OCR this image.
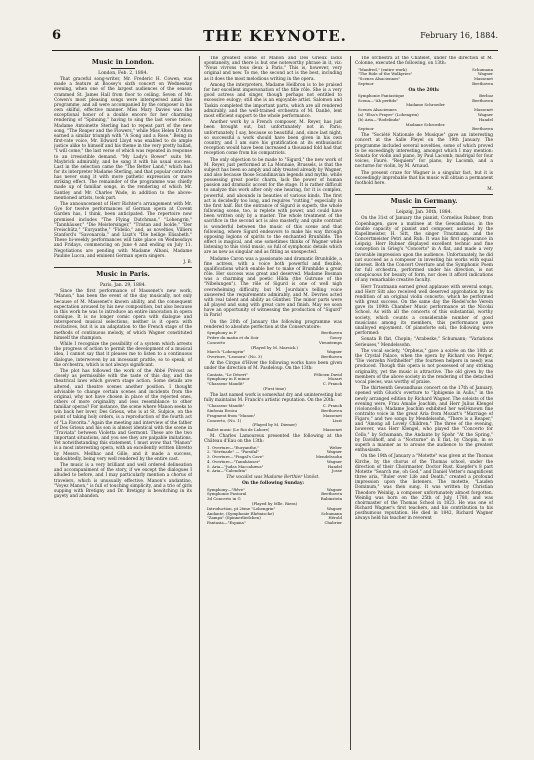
6	THE KEYNOTE.	February 16, 1884.
Music in London.
London, Feb. 2, 1884.

That graceful song-writer, Mr. Frederic H. Cowen, was made a feature at Boosey's sixth concert on Wednesday evening, when one of the largest audiences of the season crammed St. James Hall from floor to ceiling. Seven of Mr. Cowen's most pleasing songs were interspersed amid the programme, and all were accompanied by the composer in his own skilful, effective manner. Miss Mary Davies was the exceptional honor of a double encore for her charming rendering of "Spinning," having to sing the last verse twice. Madame Antoinette Sterling had to repeat part of the new song, "The Reaper and the Flowers," while Miss Helen D'Alton earned a similar triumph with "A Song and a Rose." Being in first-rate voice, Mr. Edward Lloyd was enabled to do ample justice alike to himself and his theme in the very pretty ballad, "I will come," the last verse of which was repeated in response to an irresistible demand. "My Lady's Bower" suits Mr. Maybrick admirably, and he sang it with his usual success. Last in the selection came the "The Better Land," which had for its interpreter Madame Sterling, and that popular contralto has never sung it with more pathetic expression or more striking effect. The remainder of the programme was chiefly made up of familiar songs, in the rendering of which Mr. Santley and Mr. Charles Wade, in addition to the above-mentioned artists, took part.

The announcement of Herr Richter's arrangement with Mr. Gye for twelve performances of German opera at Covent Garden has, I think, been anticipated. The repertoire now promised includes "The Flying Dutchman," "Lohengrin," "Tannhäuser," "Die Meistersinger," "Tristan and Isolde," "Der Freischütz," "Euryanthe," "Fidelio," and, as novelties, Villiers Stanford's "Savonarola," and Liszt's "Die heilige Elisabeth." These bi-weekly performances will take place on Wednesdays and Fridays, commencing on June 4 and ending on July 11. Negotiations are pending with Madame Albani, Madame Pauline Lucca, and eminent German opera singers.

J. B.
Music in Paris.
Paris, Jan. 29, 1884.

Since the first performance of Massenet's new work, "Manon," has been the event of the day musically, not only because of M. Massenet's known ability, and the consequent expectation aroused by his new composition, but also because in this work he was to introduce an entire innovation in opera comique. It is no longer comic opera with dialogue and interspersed musical selections, neither is it opera with recitatives, but it is an adaptation to the French stage of the methods of continuous melody, of which Wagner constituted himself the champion.

While I recognize the possibility of a system which arrests the progress of action to permit the development of a musical idea, I cannot say that it pleases me to listen to a continuous dialogue, interwoven by an incessant prattle, so to speak, of the orchestra, which is not always significant.

The plot has followed the work of the Abbé Prévost as closely as permissible with the taste of this day, and the theatrical laws which govern stage action. Some details are altered, and theatre scenes another position. I thought advisable to change certain scenes and incidents from the original, why not have chosen in place of the rejected ones, others of more originality and less resemblance to other familiar operas? For instance, the scene where Manon seeks to win back her lover, Des Grieux, who is at St. Sulpice, on the point of taking holy orders, is a reproduction of the fourth act of "La Favorita." Again the meeting and interview of the father of Des Grieux and his son is almost identical with the scene in "Traviata" between Violetta and Germont. These are the two important situations, and you see they are palpable imitations. Yet notwithstanding this statement, I must avow that "Manon" is a most interesting opera, with an excellently written libretto by Messrs. Meilhac and Gille, and it made a success, undoubtedly, being very well rendered by the entire cast.

The music is a very brilliant and well ordered delineation and accompaniment of the story, if we except the dialogues I alluded to before, and I may particularly mention a chorus of travelers, which is unusually effective. Manon's andantino, "Voyez Manon," is full of touching simplicity, and a trio of girls supping with Bretigny and Dr. Bretigny is bewitching in its gayety and abandon.

The greatest scene of Manon and Des Grieux lacks spontaneity, and there is but one noteworthy phrase in it, viz: "Nous vivrons tous deux à Paris." This is, however, very original and new. To me, the second act is the best, including as it does the most melodious writing in the opera.

Among the interpreters, Madame Heilbron is to be praised for her excellent impersonation of the title rôle. She is a very good actress and singer, though perhaps not entitled to excessive eulogy; still she is an enjoyable artist. Salomon and Taskin completed the important parts, which are all rendered admirably, and the well-trained orchestra of M. Danbé, lent most efficient support to the whole performance.

Another work by a French composer, M. Reyer, has just been brought out, but unfortunately not in Paris; unfortunately, I say, because so beautiful, and, since last night, so successful a work should have been given in his own country, and I am sure his gratification at its enthusiastic reception would have been increased a thousand fold had that reception come from his compatriots.

The only objection to be made to "Sigurd," the new work of M. Reyer, just performed at La Monnaie, Brussels, is that the subject has been so amply and ably treated already by Wagner, and also because those Scandinavian legends and myths, while possessing great poetic charm, lack the power of human passion and dramatic accent for the stage. It is rather difficult to analyze this work after only one hearing, for it is complex, powerful, and abounds in beauties of various kinds. The first act is decidedly too long, and requires "cutting," especially in the first half. But the entrance of Sigurd is superb, the whole following scene, too, is replete with power, and could have been written only by a master. The whole treatment of the sacrifice in the second act is also masterly, and quite contrast is wonderful between the music of this scene and that following, where Sigurd endeavors to make his way through opposing legions of spirits to the enchanted Brunhilde. The effect is magical, and one sometimes thinks of Wagner while listening to this vivid music, so full of symphonic details which are as new as singular and as fitting as unexpected.

Madame Caron was a passionate and dramatic Brunhilde, a fine actress, with a voice both powerful and flexible, qualifications which enable her to make of Brunhilde a great rôle. Her success was great and deserved. Madame Bosman was a charming and poetic Hilda (the Gutrune of the "Nibelungen"). The rôle of Sigurd is one of well nigh overwhelming difficulty, but M. Jourdain's telling voice answered the requirements admirably, and M. Devries acted with real talent and ability as Günther. The minor parts were all played and sung with great care and finish. May we soon have an opportunity of witnessing the production of "Sigurd" in Paris!

On the 20th of January the following programme was rendered to absolute perfection at the Conservatoire:

Symphony in F	Beethoven
Prière du matin et du Soir	Gouvy
Concerto	Vieuxtemps
(Played by M. Marsick.)
March "Lohengrin"	Wagner
Overture, "Leonora" (No. 3)	Beethoven

At the Cirque d'Hiver the following works have been given under the direction of M. Pasdeloup. On the 13th:

Cantata, "Le Désert"	Félicien David
Symphony in E minor	Mozart
"Chasseur Maudit"	C. Franck
(First time)

The last named work is somewhat dry and uninteresting but fully maintains M. Franck's artistic reputation. On the 20th:

"Chasseur Maudit"	C. Franck
Sinfonia Eroica	Beethoven
Fragment from "Manon"	Massenet
Concerto, (No. 1)	Liszt
(Played by M. Diemer)
Ballet music (Le Roi de Lahore)	Massenet

M. Charles Lamoureux presented the following at the Château d'Eau on the 13th:

1. Overture—"Euryanthe,"	Weber
2. "Sérénade" — "Parsifal"	Wagner
3. Overture—"Fingal's Cave"	Mendelssohn
4. Overture—"Tannhäuser"	Wagner
5. Aria—"Judas Maccabæus"	Handel
6. Aria—"Calendria"	Josse
The vocalist was Madame Berthier Vanöst.
On the following Sunday:
Symphony—"Rêve"	Wagner
Symphonie Pastoral	Beethoven
3d Concerto in G	Rubinstein
(Played by Mlle. Riera)
Introduction, pt 2ème "Lohengrin"	Wagner
Andante, (Symphonie Rhéinische)	Schumann
"Zampa" (Spinnerliedchen)	Hérold
Fantasia—"Espana"	Chabrier

The orchestra at the Chatelet, under the direction of M. Colonne, executed the following, on 13th:

"Manfred," (entire work)	Schumann
"The Ride of the Walkyries"	Wagner
"Scenes Alsaciennes"	Massenet
Septuor	Beethoven
On the 20th:
Symphonie Fantastique	Berlioz
Scena—"Ah perfido"	Beethoven
Madame Schroeder
Scenes Alsaciennes	Massenet
(a) "Elsa's Prayer" (Lohengrin)	Wagner
(b) Aria—"Rodelinda"	Handel
Madame Schroeder.
Septuor	Beethoven

The "Société Nationale de Musique" gave an interesting concert at the Salle Pleyel on the 19th January. The programme included several novelties, some of which proved to be exceedingly interesting, amongst which I may mention: Sonata for violin and piano, by Paul Lacomb; madrigal for four voices, Fauré. "Requiem" for piano, by Lacomb, and a nocturne for violin, by M. Arnaud.

The present craze for Wagner is a singular fact, but it is exceedingly improbable that his music will obtain a permanent foothold here.

M.
Music in Germany.
Leipzig, Jan. 30th, 1884.

On the 31st of January the pianist, Cornelius Rubner, from Copenhagen, gave a matinee at the Gewandhaus, in the double capacity of pianist and composer, assisted by the Kapellmeister, H. Sitt, the singer Trautmann, and the Concertmeister Petri and Rub. It was his first appearance in Leipzig. Herr Rubner displayed excellent technic and fine conception in Grieg's "Concerto" in A flat, and made a very favorable impression upon the audience. Unfortunately, he did not succeed as a composer in investing his works with equal interest. Both the Concert Overture and the Symphonic Poem for full orchestra, performed under his direction, is not conspicuous for beauty of form, nor does it afford indications of any remarkable creative faculty.

Herr Trautmann earned great applause with several songs, and Herr Sitt also received well deserved approbation by his rendition of an original violin concerto, which he performed with great success. On the same day the Riedel'sche Verein gave its 109th Chamber Music performance at the Nicolai School. As with all the concerts of this substantial, worthy society, which counts a considerable number of good musicians among its members, this performance gave unalloyed enjoyment. Of pianoforte soli, the following were performed:

Sonata B flat, Chopin; "Arabeske," Schumann; "Variations Serieuses," Mendelssohn.

The vocal society, "Orpheus," gave a soirée on the 18th at the Crystal Palace, when the opera by Richard von Perger, "Die vierzehn Nothhelfer" (the fourteen helpers in need) was produced. Though this opera is not possessed of any striking originality, yet the music is attractive. The old given by the members of the above society in the rendering of the detached vocal pieces, was worthy of praise.

The thirteenth Gewandhaus concert on the 17th of January, opened with Gluck's overture to "Iphigenie in Aulis," in the newly arranged edition by Richard Wagner. The soloists of the evening were, Frau Amalie Joachim, and Herr Julius Klengel (violoncello). Madame Joachim exhibited her well-known fine contralto voice in the great Aria from Mozart's "Marriage of Figaro," and two songs by Mendelssohn, "There is a Reaper," and "Among all Lovely Children." The three of the evening, however, was Herr Klengel, who played the "Concerto for Cello," by Schumann, the Andante by Spohr "At the Spring," by Davidhoff, and a "Nocturne" in E flat, by Chopin, in so superb a manner as to arouse the audience to the greatest enthusiasm.

On the 19th of January a "Motette" was given at the Thomas Kirche, by the chorus of the Thomas school, under the direction of their Choirmaster, Doctor Rust. Kuepfer's 8 part Motette "Search me, oh God," and Daniel Vetter's magnificent three aria, "Ruler over Life and Death," created a profound impression upon the listeners. The motette, "Lauden Dominum," was then sung. It was written by Christian Theodore Weinlig, a composer unfortunately almost forgotten. Weinlig was born on the 25th of July, 1780, and was choirmaster of the Thomas School in 1823. He was one of Richard Wagner's first teachers, and his contribution to his posthumous reputation. He died in 1842, Richard Wagner always held his teacher in reverent
